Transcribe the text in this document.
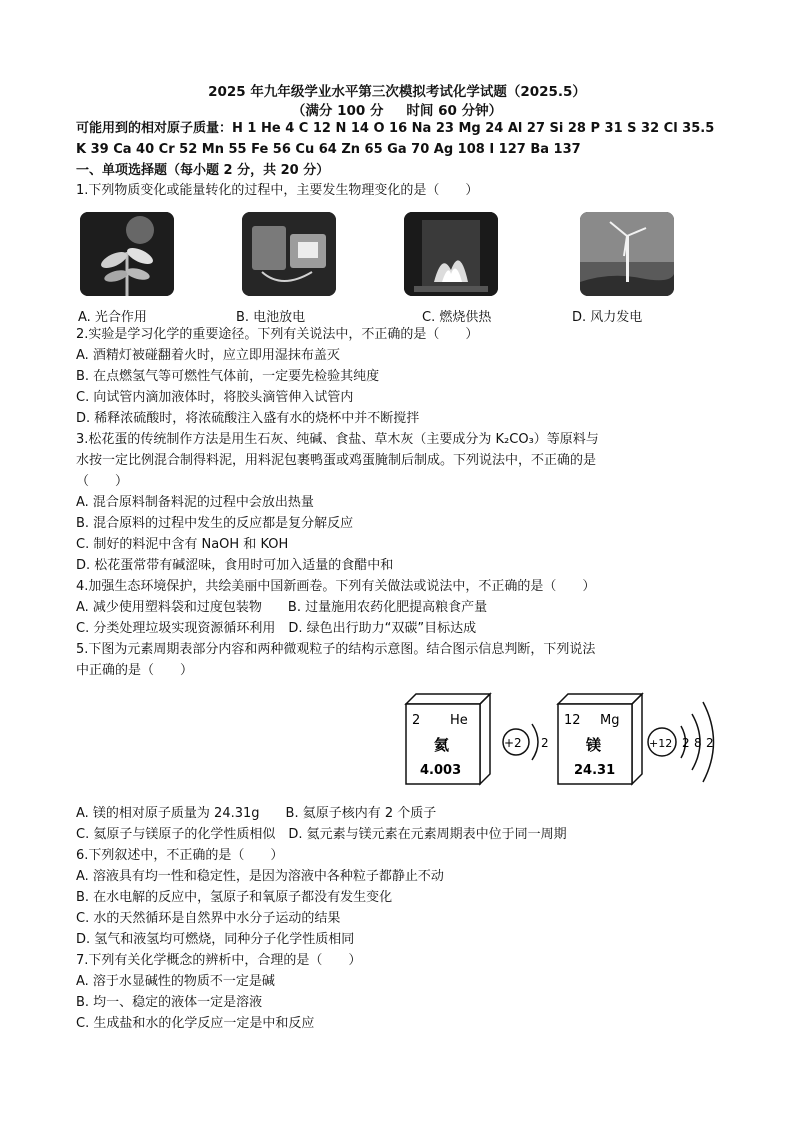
2025 年九年级学业水平第三次模拟考试化学试题（2025.5）
（满分 100 分 　 时间 60 分钟）
可能用到的相对原子质量：H 1 He 4 C 12 N 14 O 16 Na 23 Mg 24 Al 27 Si 28 P 31 S 32 Cl 35.5
K 39 Ca 40 Cr 52 Mn 55 Fe 56 Cu 64 Zn 65 Ga 70 Ag 108 I 127 Ba 137
一、单项选择题（每小题 2 分，共 20 分）
1.下列物质变化或能量转化的过程中，主要发生物理变化的是（　　）
A. 光合作用	B. 电池放电	C. 燃烧供热	D. 风力发电
2.实验是学习化学的重要途径。下列有关说法中，不正确的是（　　）
A. 酒精灯被碰翻着火时，应立即用湿抹布盖灭
B. 在点燃氢气等可燃性气体前，一定要先检验其纯度
C. 向试管内滴加液体时，将胶头滴管伸入试管内
D. 稀释浓硫酸时，将浓硫酸注入盛有水的烧杯中并不断搅拌
3.松花蛋的传统制作方法是用生石灰、纯碱、食盐、草木灰（主要成分为 K₂CO₃）等原料与
水按一定比例混合制得料泥，用料泥包裹鸭蛋或鸡蛋腌制后制成。下列说法中，不正确的是
（　　）
A. 混合原料制备料泥的过程中会放出热量
B. 混合原料的过程中发生的反应都是复分解反应
C. 制好的料泥中含有 NaOH 和 KOH
D. 松花蛋常带有碱涩味，食用时可加入适量的食醋中和
4.加强生态环境保护，共绘美丽中国新画卷。下列有关做法或说法中，不正确的是（　　）
A. 减少使用塑料袋和过度包装物　　B. 过量施用农药化肥提高粮食产量
C. 分类处理垃圾实现资源循环利用　D. 绿色出行助力“双碳”目标达成
5.下图为元素周期表部分内容和两种微观粒子的结构示意图。结合图示信息判断，下列说法
中正确的是（　　）
2 He
氦
4.003
+2 2
12 Mg
镁
24.31
+12 2 8 2
A. 镁的相对原子质量为 24.31g　　B. 氦原子核内有 2 个质子
C. 氦原子与镁原子的化学性质相似　D. 氦元素与镁元素在元素周期表中位于同一周期
6.下列叙述中，不正确的是（　　）
A. 溶液具有均一性和稳定性，是因为溶液中各种粒子都静止不动
B. 在水电解的反应中，氢原子和氧原子都没有发生变化
C. 水的天然循环是自然界中水分子运动的结果
D. 氢气和液氢均可燃烧，同种分子化学性质相同
7.下列有关化学概念的辨析中，合理的是（　　）
A. 溶于水显碱性的物质不一定是碱
B. 均一、稳定的液体一定是溶液
C. 生成盐和水的化学反应一定是中和反应
